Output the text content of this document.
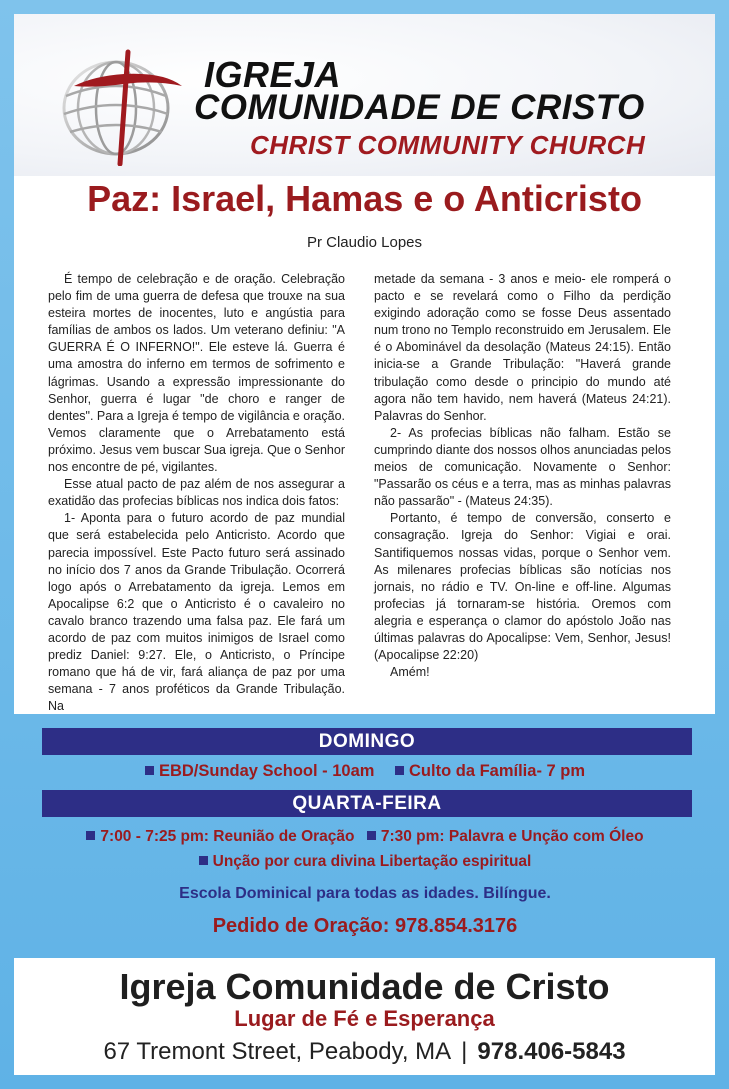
IGREJA
COMUNIDADE DE CRISTO
CHRIST COMMUNITY CHURCH
Paz: Israel, Hamas e o Anticristo
Pr Claudio Lopes

É tempo de celebração e de oração. Celebração pelo fim de uma guerra de defesa que trouxe na sua esteira mortes de inocentes, luto e angústia para famílias de ambos os lados. Um veterano definiu: "A GUERRA É O INFERNO!". Ele esteve lá. Guerra é uma amostra do inferno em termos de sofrimento e lágrimas. Usando a expressão impressionante do Senhor, guerra é lugar "de choro e ranger de dentes". Para a Igreja é tempo de vigilância e oração. Vemos claramente que o Arrebatamento está próximo. Jesus vem buscar Sua igreja. Que o Senhor nos encontre de pé, vigilantes.

Esse atual pacto de paz além de nos assegurar a exatidão das profecias bíblicas nos indica dois fatos:

1- Aponta para o futuro acordo de paz mundial que será estabelecida pelo Anticristo. Acordo que parecia impossível. Este Pacto futuro será assinado no início dos 7 anos da Grande Tribulação. Ocorrerá logo após o Arrebatamento da igreja. Lemos em Apocalipse 6:2 que o Anticristo é o cavaleiro no cavalo branco trazendo uma falsa paz. Ele fará um acordo de paz com muitos inimigos de Israel como prediz Daniel: 9:27. Ele, o Anticristo, o Príncipe romano que há de vir, fará aliança de paz por uma semana - 7 anos proféticos da Grande Tribulação. Na

metade da semana - 3 anos e meio- ele romperá o pacto e se revelará como o Filho da perdição exigindo adoração como se fosse Deus assentado num trono no Templo reconstruido em Jerusalem. Ele é o Abominável da desolação (Mateus 24:15). Então inicia-se a Grande Tribulação: "Haverá grande tribulação como desde o principio do mundo até agora não tem havido, nem haverá (Mateus 24:21). Palavras do Senhor.

2- As profecias bíblicas não falham. Estão se cumprindo diante dos nossos olhos anunciadas pelos meios de comunicação. Novamente o Senhor: "Passarão os céus e a terra, mas as minhas palavras não passarão" - (Mateus 24:35).

Portanto, é tempo de conversão, conserto e consagração. Igreja do Senhor: Vigiai e orai. Santifiquemos nossas vidas, porque o Senhor vem. As milenares profecias bíblicas são notícias nos jornais, no rádio e TV. On-line e off-line. Algumas profecias já tornaram-se história. Oremos com alegria e esperança o clamor do apóstolo João nas últimas palavras do Apocalipse: Vem, Senhor, Jesus! (Apocalipse 22:20)

Amém!

DOMINGO
EBD/Sunday School - 10am Culto da Família- 7 pm
QUARTA-FEIRA
7:00 - 7:25 pm: Reunião de Oração 7:30 pm: Palavra e Unção com Óleo
Unção por cura divina Libertação espiritual
Escola Dominical para todas as idades. Bilíngue.
Pedido de Oração: 978.854.3176
Igreja Comunidade de Cristo
Lugar de Fé e Esperança
67 Tremont Street, Peabody, MA | 978.406-5843
